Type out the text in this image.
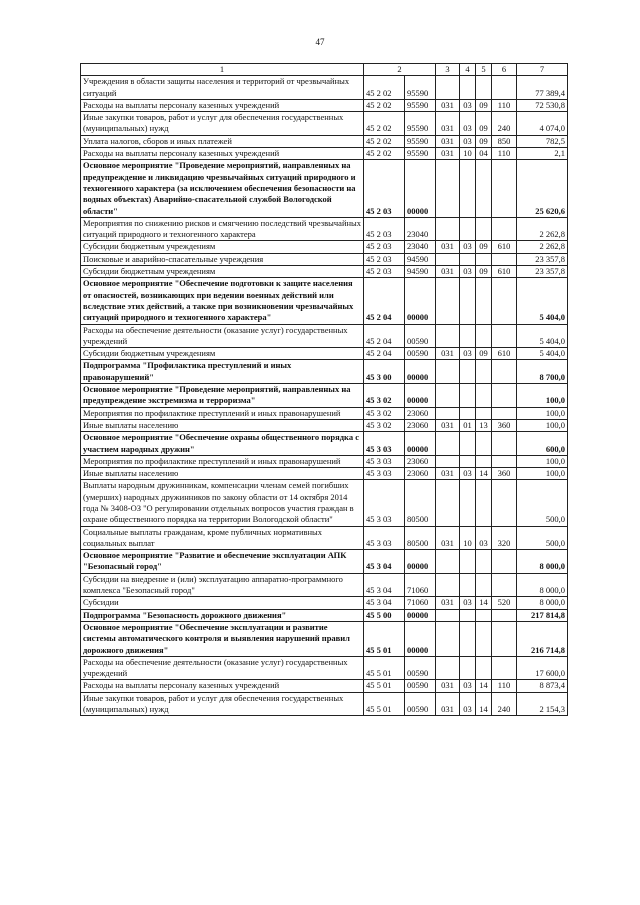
47
1	2		3	4	5	6	7
Учреждения в области защиты населения и территорий от чрезвычайных ситуаций	45 2 02	95590					77 389,4
Расходы на выплаты персоналу казенных учреждений	45 2 02	95590	031	03	09	110	72 530,8
Иные закупки товаров, работ и услуг для обеспечения государственных (муниципальных) нужд	45 2 02	95590	031	03	09	240	4 074,0
Уплата налогов, сборов и иных платежей	45 2 02	95590	031	03	09	850	782,5
Расходы на выплаты персоналу казенных учреждений	45 2 02	95590	031	10	04	110	2,1
Основное мероприятие "Проведение мероприятий, направленных на предупреждение и ликвидацию чрезвычайных ситуаций природного и техногенного характера (за исключением обеспечения безопасности на водных объектах) Аварийно-спасательной службой Вологодской области"	45 2 03	00000					25 620,6
Мероприятия по снижению рисков и смягчению последствий чрезвычайных ситуаций природного и техногенного характера	45 2 03	23040					2 262,8
Субсидии бюджетным учреждениям	45 2 03	23040	031	03	09	610	2 262,8
Поисковые и аварийно-спасательные учреждения	45 2 03	94590					23 357,8
Субсидии бюджетным учреждениям	45 2 03	94590	031	03	09	610	23 357,8
Основное мероприятие "Обеспечение подготовки к защите населения от опасностей, возникающих при ведении военных действий или вследствие этих действий, а также при возникновении чрезвычайных ситуаций природного и техногенного характера"	45 2 04	00000					5 404,0
Расходы на обеспечение деятельности (оказание услуг) государственных учреждений	45 2 04	00590					5 404,0
Субсидии бюджетным учреждениям	45 2 04	00590	031	03	09	610	5 404,0
Подпрограмма "Профилактика преступлений и иных правонарушений"	45 3 00	00000					8 700,0
Основное мероприятие "Проведение мероприятий, направленных на предупреждение экстремизма и терроризма"	45 3 02	00000					100,0
Мероприятия по профилактике преступлений и иных правонарушений	45 3 02	23060					100,0
Иные выплаты населению	45 3 02	23060	031	01	13	360	100,0
Основное мероприятие "Обеспечение охраны общественного порядка с участием народных дружин"	45 3 03	00000					600,0
Мероприятия по профилактике преступлений и иных правонарушений	45 3 03	23060					100,0
Иные выплаты населению	45 3 03	23060	031	03	14	360	100,0
Выплаты народным дружинникам, компенсации членам семей погибших (умерших) народных дружинников по закону области от 14 октября 2014 года № 3408-ОЗ "О регулировании отдельных вопросов участия граждан в охране общественного порядка на территории Вологодской области"	45 3 03	80500					500,0
Социальные выплаты гражданам, кроме публичных нормативных социальных выплат	45 3 03	80500	031	10	03	320	500,0
Основное мероприятие "Развитие и обеспечение эксплуатации АПК "Безопасный город"	45 3 04	00000					8 000,0
Субсидии на внедрение и (или) эксплуатацию аппаратно-программного комплекса "Безопасный город"	45 3 04	71060					8 000,0
Субсидии	45 3 04	71060	031	03	14	520	8 000,0
Подпрограмма "Безопасность дорожного движения"	45 5 00	00000					217 814,8
Основное мероприятие "Обеспечение эксплуатации и развитие системы автоматического контроля и выявления нарушений правил дорожного движения"	45 5 01	00000					216 714,8
Расходы на обеспечение деятельности (оказание услуг) государственных учреждений	45 5 01	00590					17 600,0
Расходы на выплаты персоналу казенных учреждений	45 5 01	00590	031	03	14	110	8 873,4
Иные закупки товаров, работ и услуг для обеспечения государственных (муниципальных) нужд	45 5 01	00590	031	03	14	240	2 154,3
